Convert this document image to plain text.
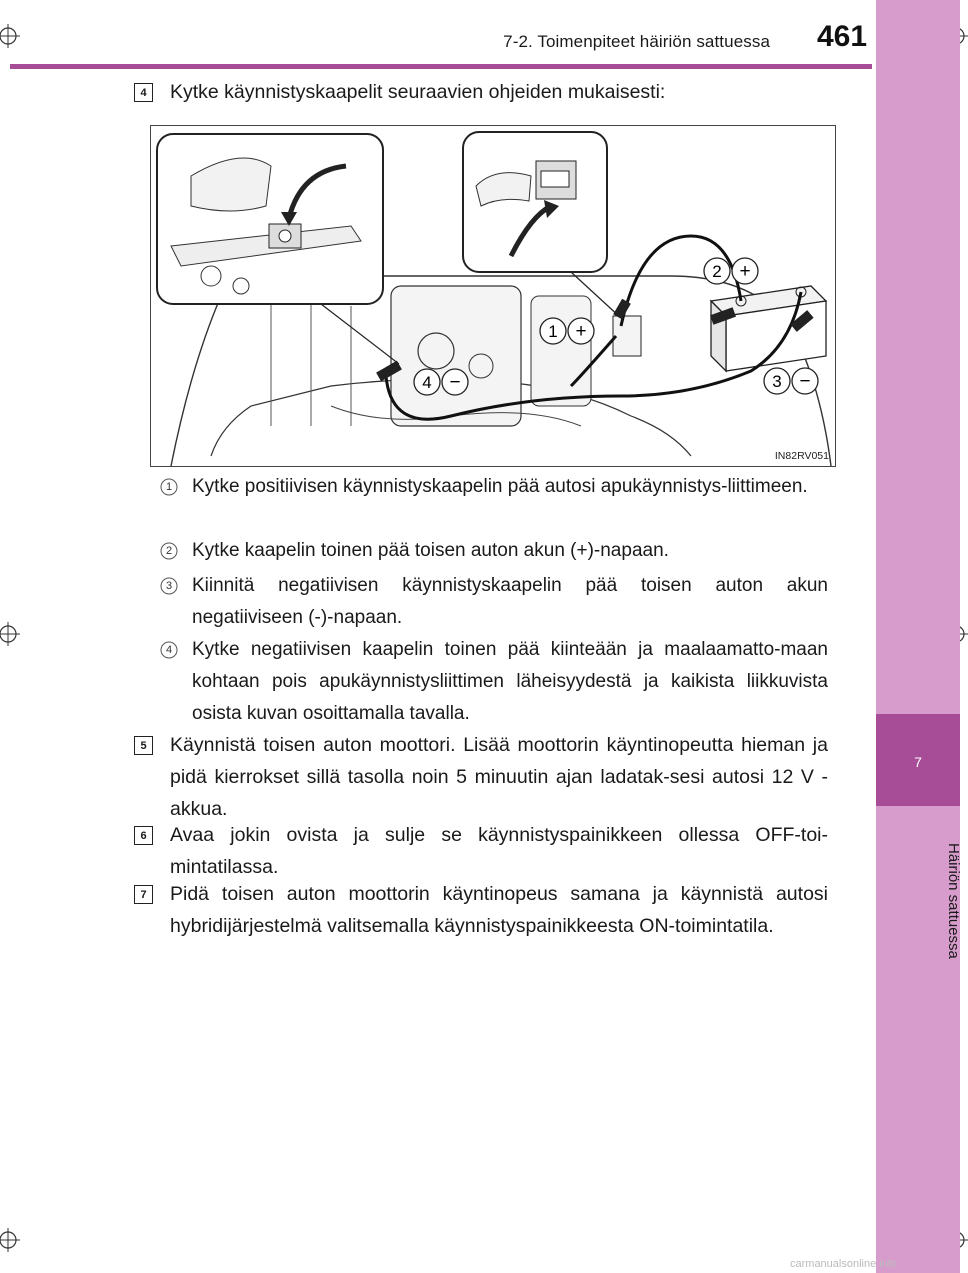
7
Häiriön sattuessa
7-2. Toimenpiteet häiriön sattuessa 461
4	Kytke käynnistyskaapelit seuraavien ohjeiden mukaisesti:
1 +
2 +
3 −
4 −
IN82RV051
1 Kytke positiivisen käynnistyskaapelin pää autosi apukäynnistys-liittimeen.
2 Kytke kaapelin toinen pää toisen auton akun (+)-napaan.
3 Kiinnitä negatiivisen käynnistyskaapelin pää toisen auton akun negatiiviseen (-)-napaan.
4 Kytke negatiivisen kaapelin toinen pää kiinteään ja maalaamatto-maan kohtaan pois apukäynnistysliittimen läheisyydestä ja kaikista liikkuvista osista kuvan osoittamalla tavalla.
5	Käynnistä toisen auton moottori. Lisää moottorin käyntinopeutta hieman ja pidä kierrokset sillä tasolla noin 5 minuutin ajan ladatak-sesi autosi 12 V -akkua.
6	Avaa jokin ovista ja sulje se käynnistyspainikkeen ollessa OFF-toi-mintatilassa.
7	Pidä toisen auton moottorin käyntinopeus samana ja käynnistä autosi hybridijärjestelmä valitsemalla käynnistyspainikkeesta ON-toimintatila.
carmanualsonline.info
